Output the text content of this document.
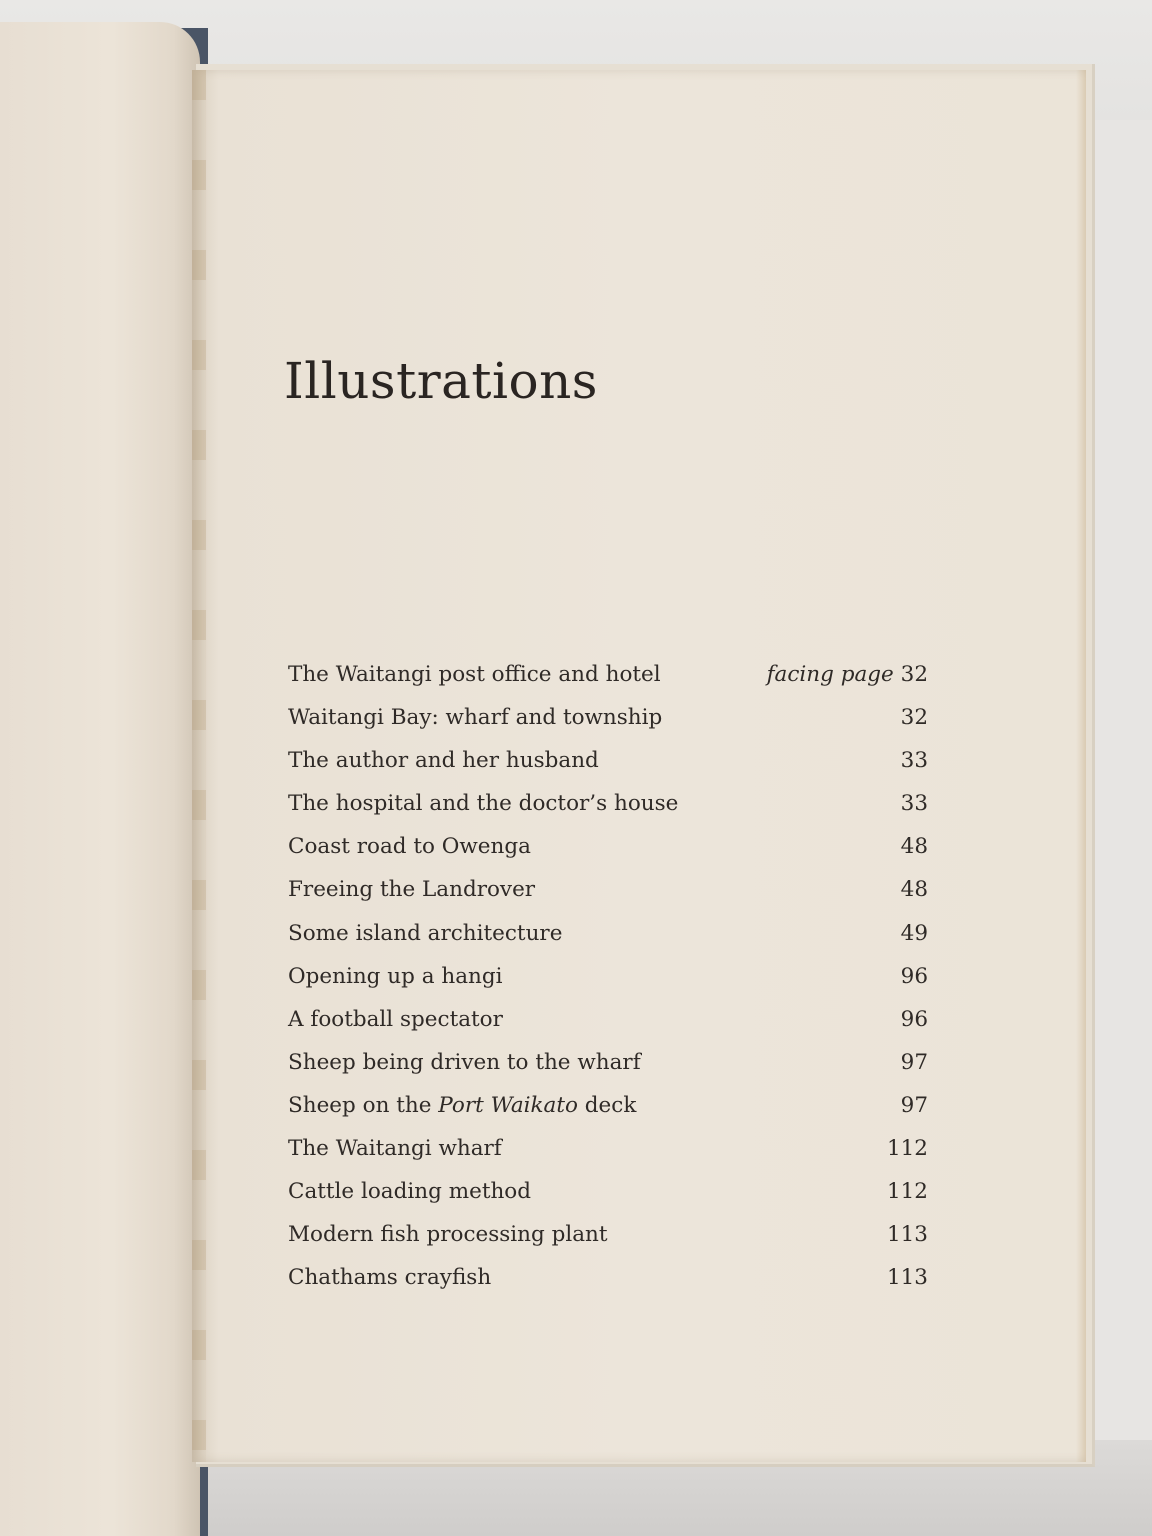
Illustrations
The Waitangi post office and hotel	facing page 32
Waitangi Bay: wharf and township	32
The author and her husband	33
The hospital and the doctor’s house	33
Coast road to Owenga	48
Freeing the Landrover	48
Some island architecture	49
Opening up a hangi	96
A football spectator	96
Sheep being driven to the wharf	97
Sheep on the Port Waikato deck	97
The Waitangi wharf	112
Cattle loading method	112
Modern fish processing plant	113
Chathams crayfish	113
